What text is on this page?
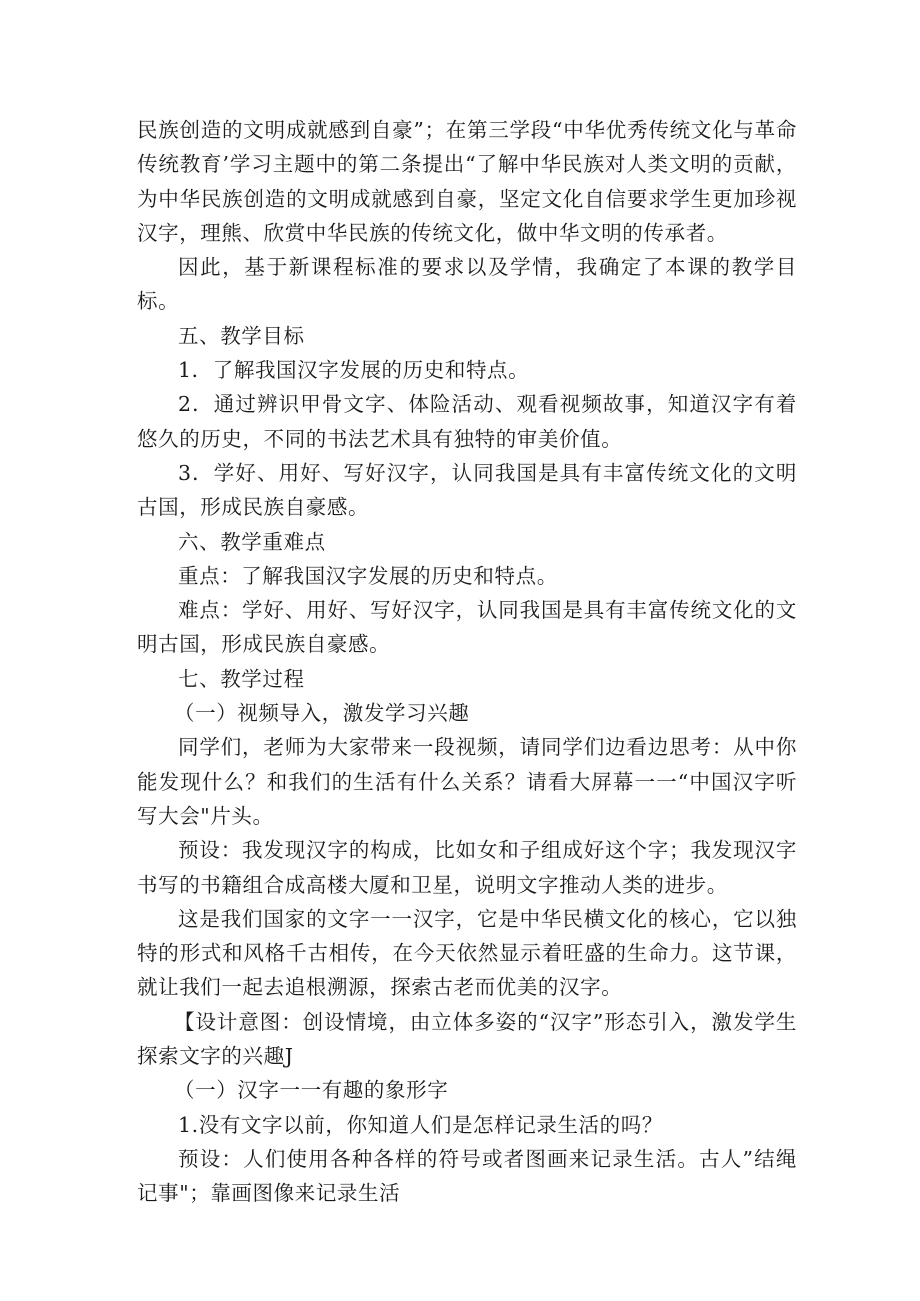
民族创造的文明成就感到自豪”；在第三学段“中华优秀传统文化与革命传统教育’学习主题中的第二条提出“了解中华民族对人类文明的贡献，为中华民族创造的文明成就感到自豪，坚定文化自信要求学生更加珍视汉字，理熊、欣赏中华民族的传统文化，做中华文明的传承者。

因此，基于新课程标准的要求以及学情，我确定了本课的教学目标。

五、教学目标

1．了解我国汉字发展的历史和特点。

2．通过辨识甲骨文字、体险活动、观看视频故事，知道汉字有着悠久的历史，不同的书法艺术具有独特的审美价值。

3．学好、用好、写好汉字，认同我国是具有丰富传统文化的文明古国，形成民族自豪感。

六、教学重难点

重点：了解我国汉字发展的历史和特点。

难点：学好、用好、写好汉字，认同我国是具有丰富传统文化的文明古国，形成民族自豪感。

七、教学过程

（一）视频导入，激发学习兴趣

同学们，老师为大家带来一段视频，请同学们边看边思考：从中你能发现什么？和我们的生活有什么关系？请看大屏幕一一“中国汉字听写大会"片头。

预设：我发现汉字的构成，比如女和子组成好这个字；我发现汉字书写的书籍组合成高楼大厦和卫星，说明文字推动人类的进步。

这是我们国家的文字一一汉字，它是中华民横文化的核心，它以独特的形式和风格千古相传，在今天依然显示着旺盛的生命力。这节课，就让我们一起去追根溯源，探索古老而优美的汉字。

【设计意图：创设情境，由立体多姿的“汉字”形态引入，激发学生探索文字的兴趣J

（一）汉字一一有趣的象形字

1.没有文字以前，你知道人们是怎样记录生活的吗？

预设：人们使用各种各样的符号或者图画来记录生活。古人”结绳记事"；靠画图像来记录生活
